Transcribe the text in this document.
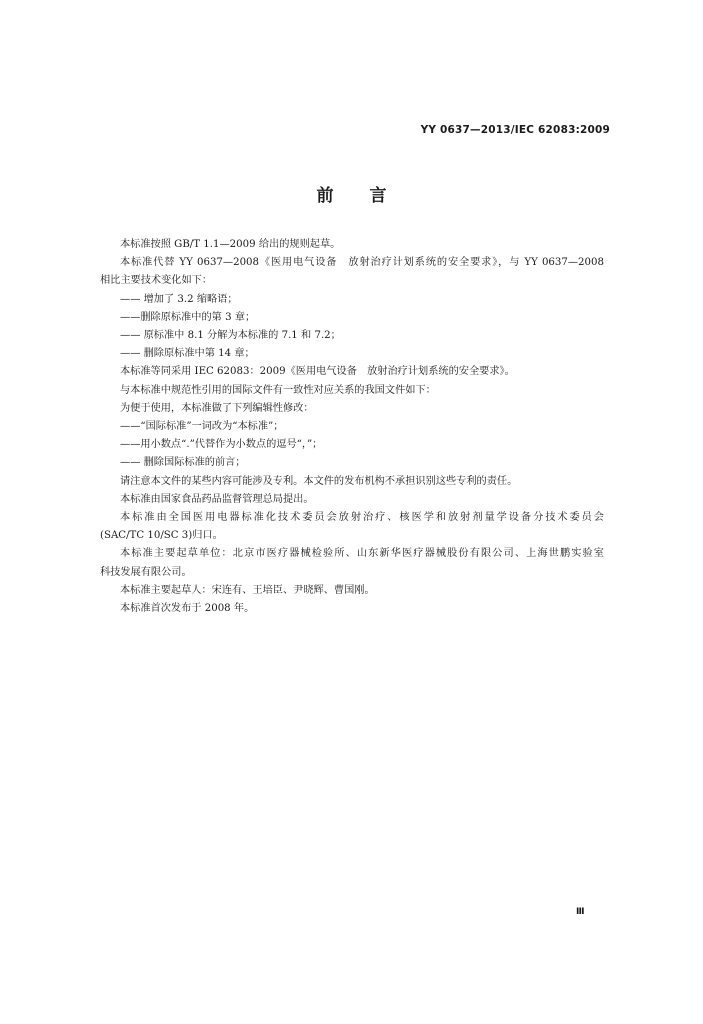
YY 0637—2013/IEC 62083:2009
前言
本标准按照 GB/T 1.1—2009 给出的规则起草。
本标准代替 YY 0637—2008《医用电气设备　放射治疗计划系统的安全要求》，与 YY 0637—2008
相比主要技术变化如下：
—— 增加了 3.2 缩略语；
——删除原标准中的第 3 章；
—— 原标准中 8.1 分解为本标准的 7.1 和 7.2；
—— 删除原标准中第 14 章；
本标准等同采用 IEC 62083：2009《医用电气设备　放射治疗计划系统的安全要求》。
与本标准中规范性引用的国际文件有一致性对应关系的我国文件如下：
为便于使用，本标准做了下列编辑性修改：
——“国际标准”一词改为“本标准”；
——用小数点“.”代替作为小数点的逗号“，”；
—— 删除国际标准的前言；
请注意本文件的某些内容可能涉及专利。本文件的发布机构不承担识别这些专利的责任。
本标准由国家食品药品监督管理总局提出。
本标准由全国医用电器标准化技术委员会放射治疗、核医学和放射剂量学设备分技术委员会
(SAC/TC 10/SC 3)归口。
本标准主要起草单位：北京市医疗器械检验所、山东新华医疗器械股份有限公司、上海世鹏实验室
科技发展有限公司。
本标准主要起草人：宋连有、王培臣、尹晓辉、曹国刚。
本标准首次发布于 2008 年。
Ⅲ
